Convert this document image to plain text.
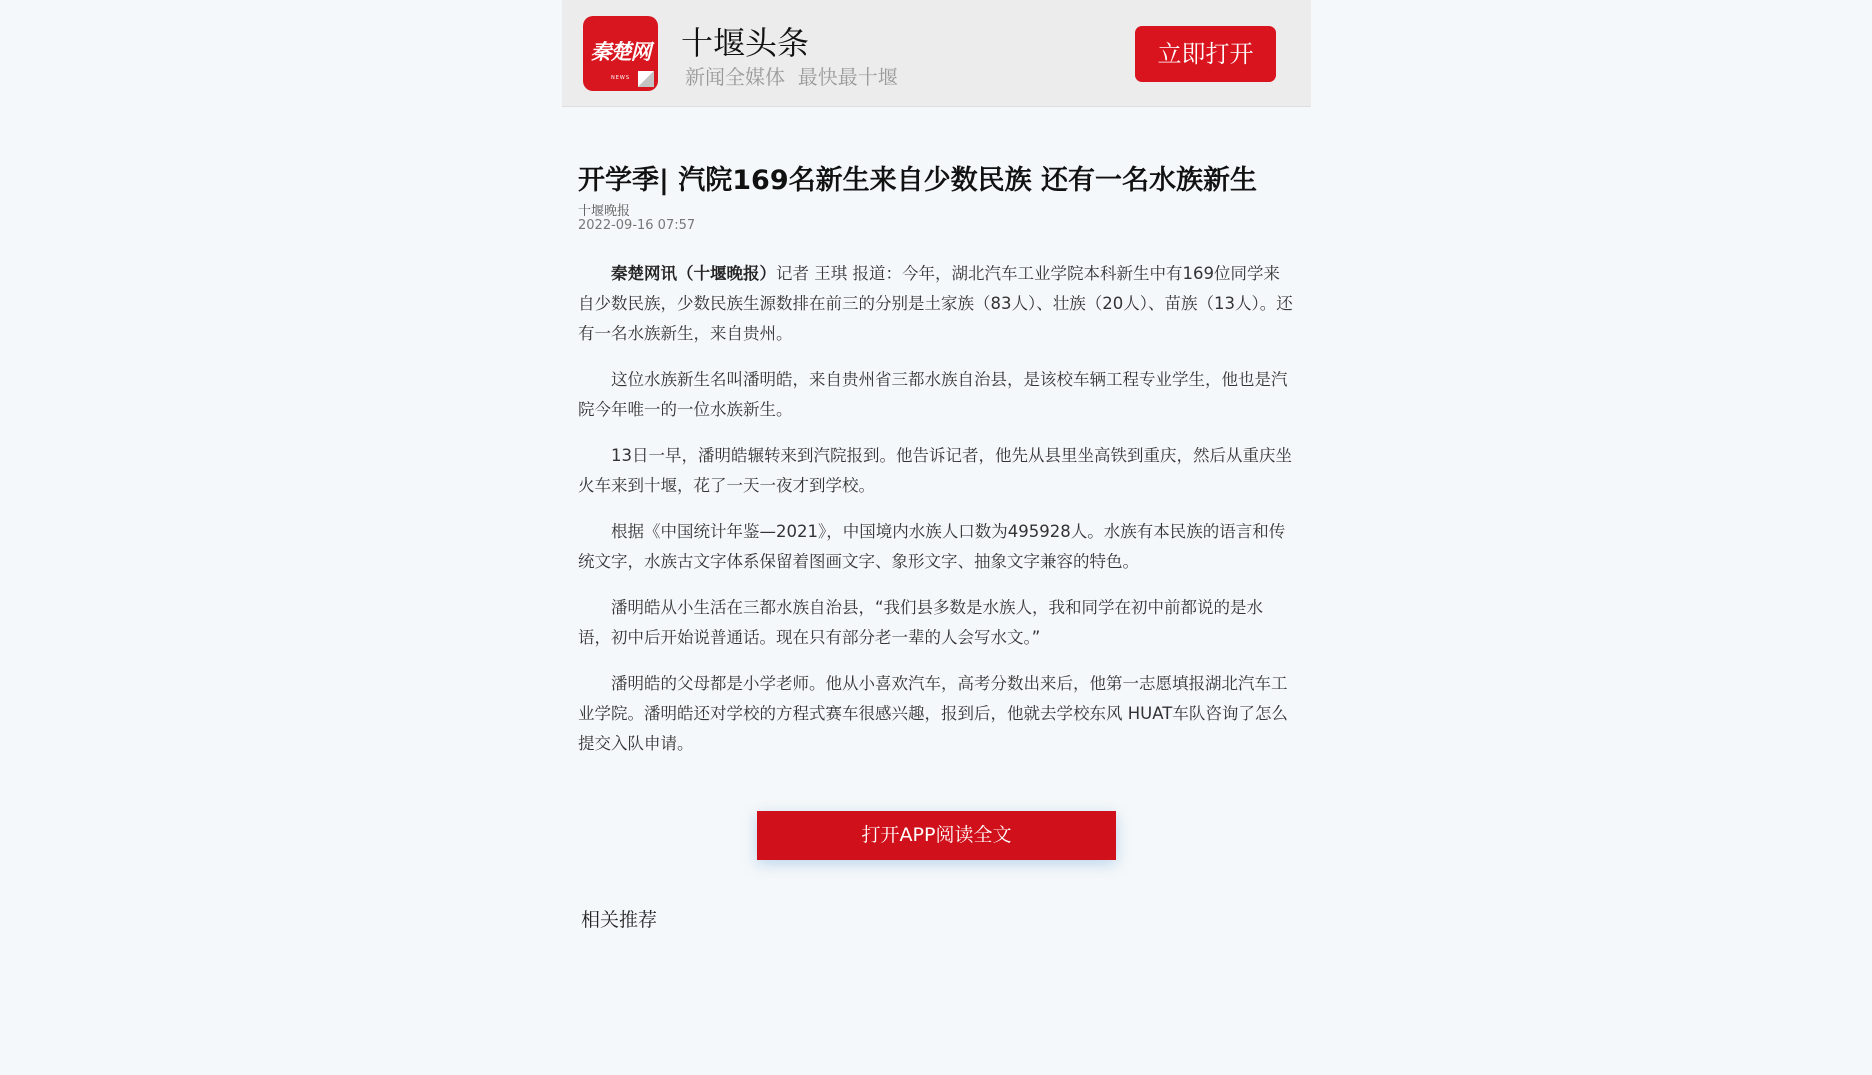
秦楚网
NEWS
十堰头条
新闻全媒体  最快最十堰
立即打开
开学季| 汽院169名新生来自少数民族 还有一名水族新生
十堰晚报
2022-09-16 07:57

秦楚网讯（十堰晚报）记者 王琪 报道：今年，湖北汽车工业学院本科新生中有169位同学来自少数民族，少数民族生源数排在前三的分别是土家族（83人）、壮族（20人）、苗族（13人）。还有一名水族新生，来自贵州。

这位水族新生名叫潘明皓，来自贵州省三都水族自治县，是该校车辆工程专业学生，他也是汽院今年唯一的一位水族新生。

13日一早，潘明皓辗转来到汽院报到。他告诉记者，他先从县里坐高铁到重庆，然后从重庆坐火车来到十堰，花了一天一夜才到学校。

根据《中国统计年鉴—2021》，中国境内水族人口数为495928人。水族有本民族的语言和传统文字，水族古文字体系保留着图画文字、象形文字、抽象文字兼容的特色。

潘明皓从小生活在三都水族自治县，“我们县多数是水族人，我和同学在初中前都说的是水语，初中后开始说普通话。现在只有部分老一辈的人会写水文。”

潘明皓的父母都是小学老师。他从小喜欢汽车，高考分数出来后，他第一志愿填报湖北汽车工业学院。潘明皓还对学校的方程式赛车很感兴趣，报到后，他就去学校东风 HUAT车队咨询了怎么提交入队申请。

打开APP阅读全文
相关推荐
